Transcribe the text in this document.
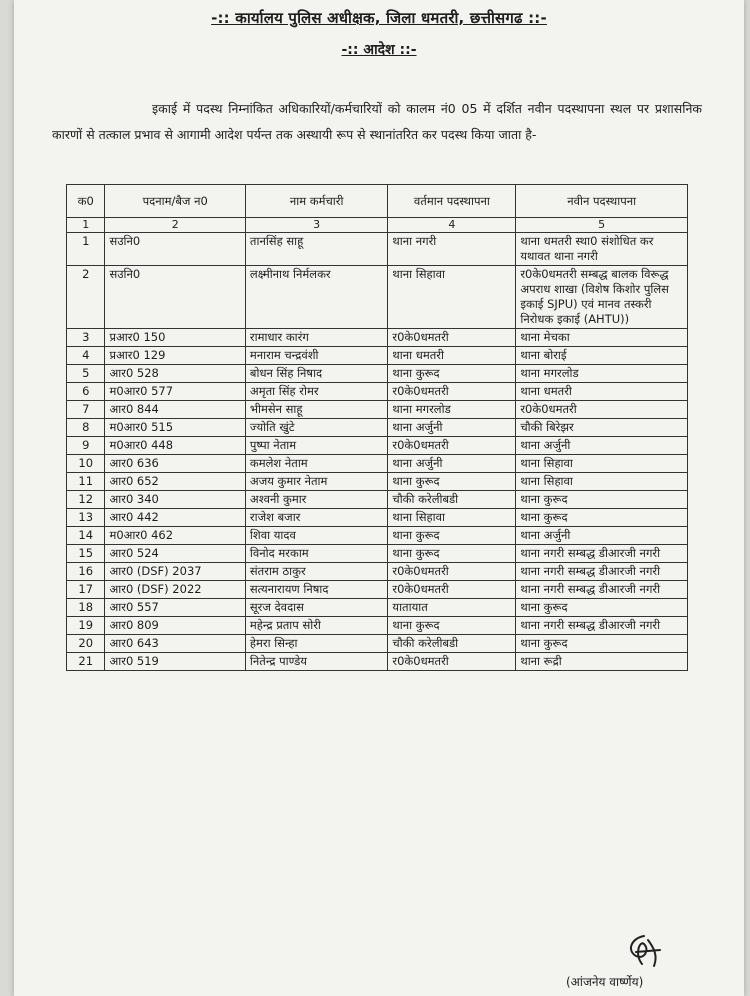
-:: कार्यालय पुलिस अधीक्षक, जिला धमतरी, छत्तीसगढ ::-
-:: आदेश ::-
इकाई में पदस्थ निम्नांकित अधिकारियों/कर्मचारियों को कालम नं0 05 में दर्शित नवीन पदस्थापना स्थल पर प्रशासनिक कारणों से तत्काल प्रभाव से आगामी आदेश पर्यन्त तक अस्थायी रूप से स्थानांतरित कर पदस्थ किया जाता है-
क0	पदनाम/बैज न0	नाम कर्मचारी	वर्तमान पदस्थापना	नवीन पदस्थापना
1	2	3	4	5
1	सउनि0	तानसिंह साहू	थाना नगरी	थाना धमतरी स्था0 संशोधित कर यथावत थाना नगरी
2	सउनि0	लक्ष्मीनाथ निर्मलकर	थाना सिहावा	र0के0धमतरी सम्बद्ध बालक विरूद्ध अपराध शाखा (विशेष किशोर पुलिस इकाई SJPU) एवं मानव तस्करी निरोधक इकाई (AHTU))
3	प्रआर0 150	रामाधार कारंग	र0के0धमतरी	थाना मेचका
4	प्रआर0 129	मनाराम चन्द्रवंशी	थाना धमतरी	थाना बोराई
5	आर0 528	बोधन सिंह निषाद	थाना कुरूद	थाना मगरलोड
6	म0आर0 577	अमृता सिंह रोमर	र0के0धमतरी	थाना धमतरी
7	आर0 844	भीमसेन साहू	थाना मगरलोड	र0के0धमतरी
8	म0आर0 515	ज्योति खुंटे	थाना अर्जुनी	चौकी बिरेझर
9	म0आर0 448	पुष्पा नेताम	र0के0धमतरी	थाना अर्जुनी
10	आर0 636	कमलेश नेताम	थाना अर्जुनी	थाना सिहावा
11	आर0 652	अजय कुमार नेताम	थाना कुरूद	थाना सिहावा
12	आर0 340	अश्वनी कुमार	चौकी करेलीबडी	थाना कुरूद
13	आर0 442	राजेश बजार	थाना सिहावा	थाना कुरूद
14	म0आर0 462	शिवा यादव	थाना कुरूद	थाना अर्जुनी
15	आर0 524	विनोद मरकाम	थाना कुरूद	थाना नगरी सम्बद्ध डीआरजी नगरी
16	आर0 (DSF) 2037	संतराम ठाकुर	र0के0धमतरी	थाना नगरी सम्बद्ध डीआरजी नगरी
17	आर0 (DSF) 2022	सत्यनारायण निषाद	र0के0धमतरी	थाना नगरी सम्बद्ध डीआरजी नगरी
18	आर0 557	सूरज देवदास	यातायात	थाना कुरूद
19	आर0 809	महेन्द्र प्रताप सोरी	थाना कुरूद	थाना नगरी सम्बद्ध डीआरजी नगरी
20	आर0 643	हेमरा सिन्हा	चौकी करेलीबडी	थाना कुरूद
21	आर0 519	नितेन्द्र पाण्डेय	र0के0धमतरी	थाना रूद्री
(आंजनेय वार्ष्णेय)
